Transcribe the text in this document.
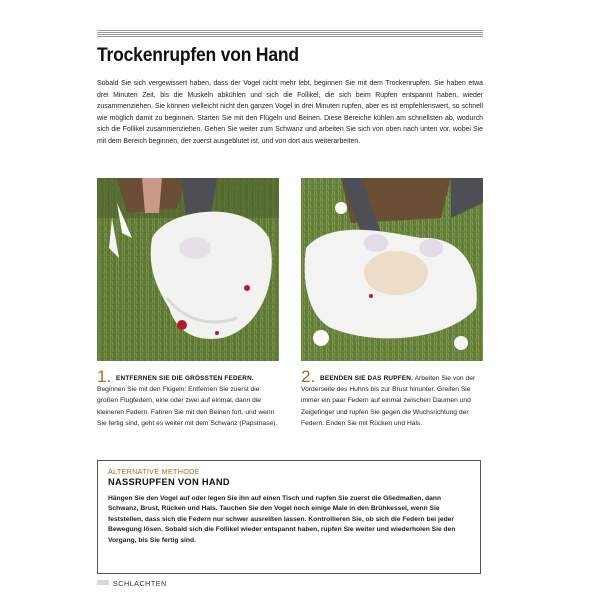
Trockenrupfen von Hand

Sobald Sie sich vergewissert haben, dass der Vogel nicht mehr lebt, beginnen Sie mit dem Trockenrupfen. Sie haben etwa drei Minuten Zeit, bis die Muskeln abkühlen und sich die Follikel, die sich beim Rupfen entspannt haben, wieder zusammenziehen. Sie können vielleicht nicht den ganzen Vogel in drei Minuten rupfen, aber es ist empfehlenswert, so schnell wie möglich damit zu beginnen. Starten Sie mit den Flügeln und Beinen. Diese Bereiche kühlen am schnellsten ab, wodurch sich die Follikel zusammenziehen. Gehen Sie weiter zum Schwanz und arbeiten Sie sich von oben nach unten vor, wobei Sie mit dem Bereich beginnen, der zuerst ausgeblutet ist, und von dort aus weiterarbeiten.

1. ENTFERNEN SIE DIE GRÖSSTEN FEDERN. Beginnen Sie mit den Flügeln: Entfernen Sie zuerst die großen Flugfedern, eine oder zwei auf einmal, dann die kleineren Federn. Fahren Sie mit den Beinen fort, und wenn Sie fertig sind, geht es weiter mit dem Schwanz (Papstnase).
2. BEENDEN SIE DAS RUPFEN. Arbeiten Sie von der Vorderseite des Huhns bis zur Brust hinunter. Greifen Sie immer ein paar Federn auf einmal zwischen Daumen und Zeigefinger und rupfen Sie gegen die Wuchsrichtung der Federn. Enden Sie mit Rücken und Hals.

ALTERNATIVE METHODE

NASSRUPFEN VON HAND

Hängen Sie den Vogel auf oder legen Sie ihn auf einen Tisch und rupfen Sie zuerst die Gliedmaßen, dann Schwanz, Brust, Rücken und Hals. Tauchen Sie den Vogel noch einige Male in den Brühkessel, wenn Sie feststellen, dass sich die Federn nur schwer ausreißen lassen. Kontrollieren Sie, ob sich die Federn bei jeder Bewegung lösen. Sobald sich die Follikel wieder entspannt haben, rupfen Sie weiter und wiederholen Sie den Vorgang, bis Sie fertig sind.

SCHLACHTEN
